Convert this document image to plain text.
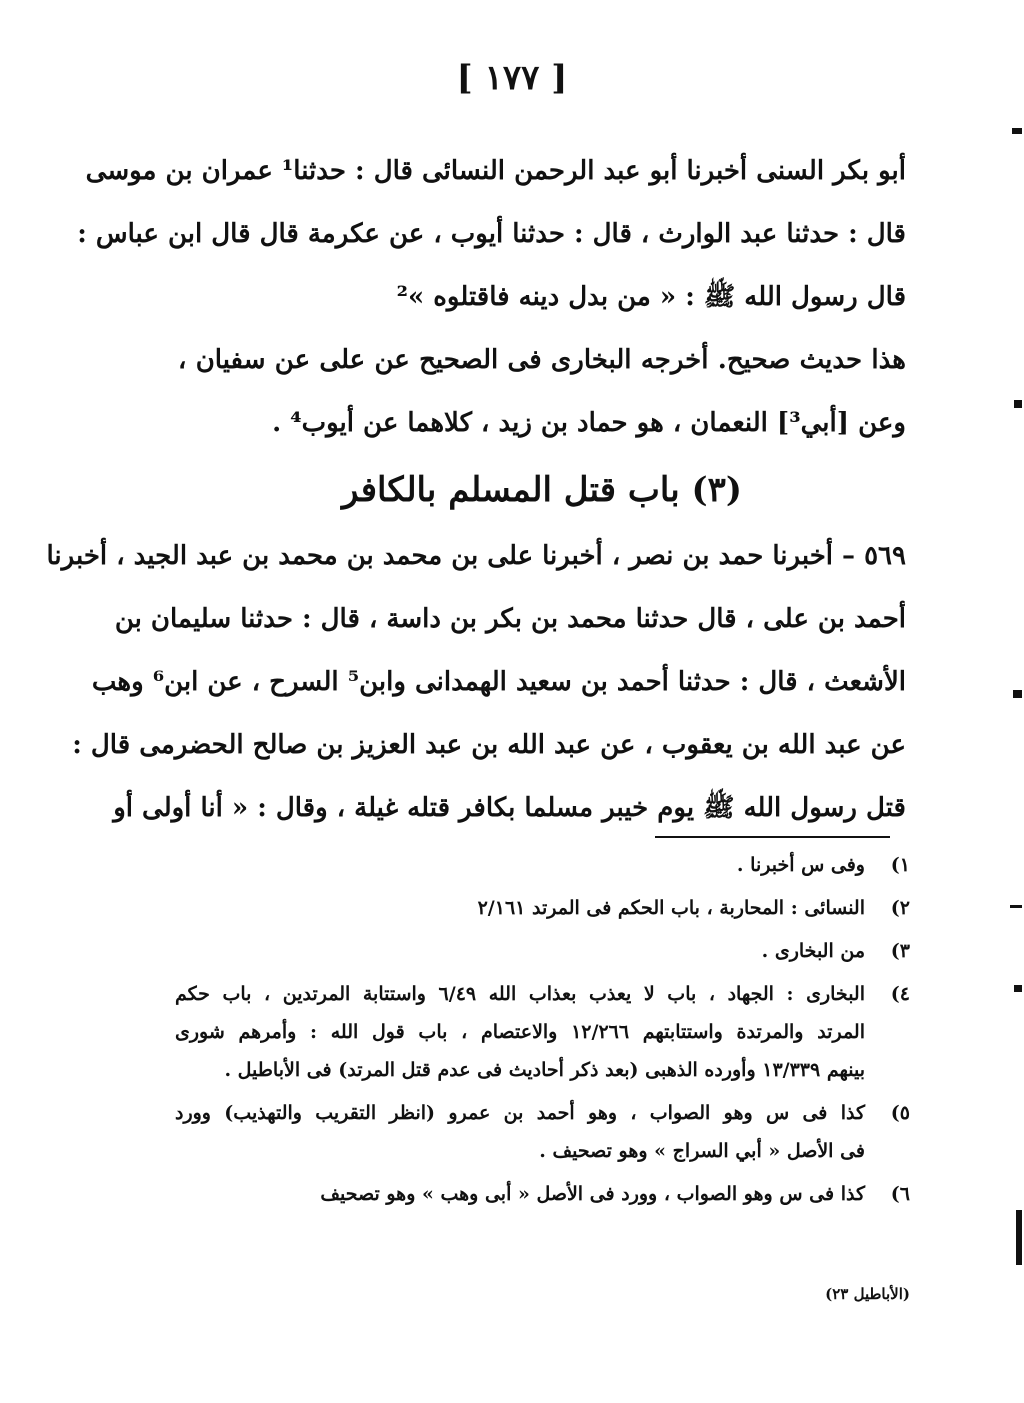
[ ١٧٧ ]
أبو بكر السنى أخبرنا أبو عبد الرحمن النسائى قال : حدثنا¹ عمران بن موسى
قال : حدثنا عبد الوارث ، قال : حدثنا أيوب ، عن عكرمة قال قال ابن عباس :
قال رسول الله ﷺ : « من بدل دينه فاقتلوه »²
هذا حديث صحيح. أخرجه البخارى فى الصحيح عن على عن سفيان ،
وعن [أبي³] النعمان ، هو حماد بن زيد ، كلاهما عن أيوب⁴ .
(٣) باب قتل المسلم بالكافر
٥٦٩ – أخبرنا حمد بن نصر ، أخبرنا على بن محمد بن محمد بن عبد الجيد ، أخبرنا
أحمد بن على ، قال حدثنا محمد بن بكر بن داسة ، قال : حدثنا سليمان بن
الأشعث ، قال : حدثنا أحمد بن سعيد الهمدانى وابن⁵ السرح ، عن ابن⁶ وهب
عن عبد الله بن يعقوب ، عن عبد الله بن عبد العزيز بن صالح الحضرمى قال :
قتل رسول الله ﷺ يوم خيبر مسلما بكافر قتله غيلة ، وقال : « أنا أولى أو
١)
وفى س أخبرنا .
٢)
النسائى : المحاربة ، باب الحكم فى المرتد ٢/١٦١
٣)
من البخارى .
٤)
البخارى : الجهاد ، باب لا يعذب بعذاب الله ٦/٤٩ واستتابة المرتدين ، باب حكم
المرتد والمرتدة واستتابتهم ١٢/٢٦٦ والاعتصام ، باب قول الله : وأمرهم شورى
بينهم ١٣/٣٣٩ وأورده الذهبى (بعد ذكر أحاديث فى عدم قتل المرتد) فى الأباطيل .
٥)
كذا فى س وهو الصواب ، وهو أحمد بن عمرو (انظر التقريب والتهذيب) وورد
فى الأصل « أبي السراج » وهو تصحيف .
٦)
كذا فى س وهو الصواب ، وورد فى الأصل « أبى وهب » وهو تصحيف
(الأباطيل ٢٣)
